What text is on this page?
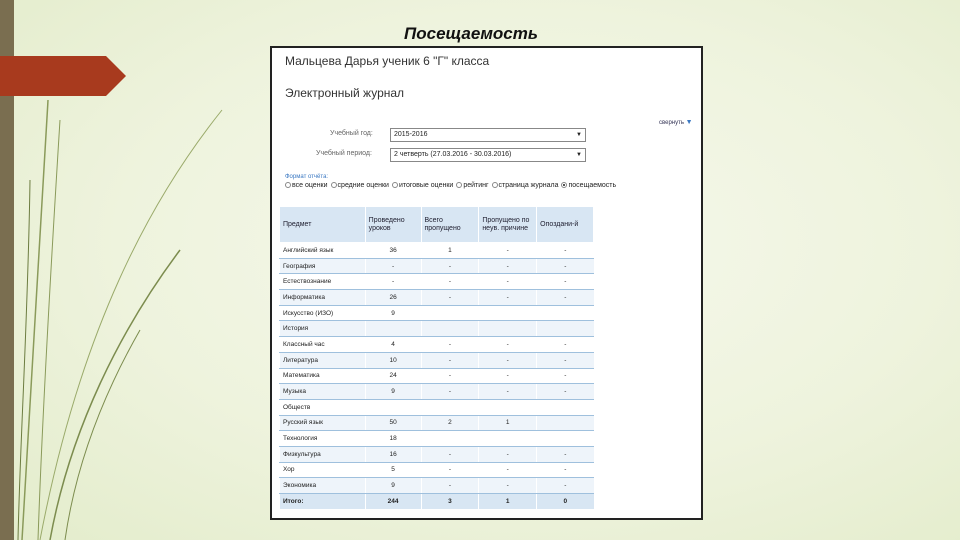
Посещаемость
Мальцева Дарья ученик 6 "Г" класса
Электронный журнал
свернуть ▼
Учебный год:	2015-2016	▼
Учебный период:	2 четверть (27.03.2016 - 30.03.2016)	▼
Формат отчёта:
все оценки средние оценки итоговые оценки рейтинг страница журнала посещаемость
Предмет	Проведено уроков	Всего пропущено	Пропущено по неув. причине	Опоздани-й
Английский язык	36	1	-	-
География	-	-	-	-
Естествознание	-	-	-	-
Информатика	26	-	-	-
Искусство (ИЗО)	9			
История				
Классный час	4	-	-	-
Литература	10	-	-	-
Математика	24	-	-	-
Музыка	9	-	-	-
Обществ				
Русский язык	50	2	1	
Технология	18			
Физкультура	16	-	-	-
Хор	5	-	-	-
Экономика	9	-	-	-
Итого:	244	3	1	0
